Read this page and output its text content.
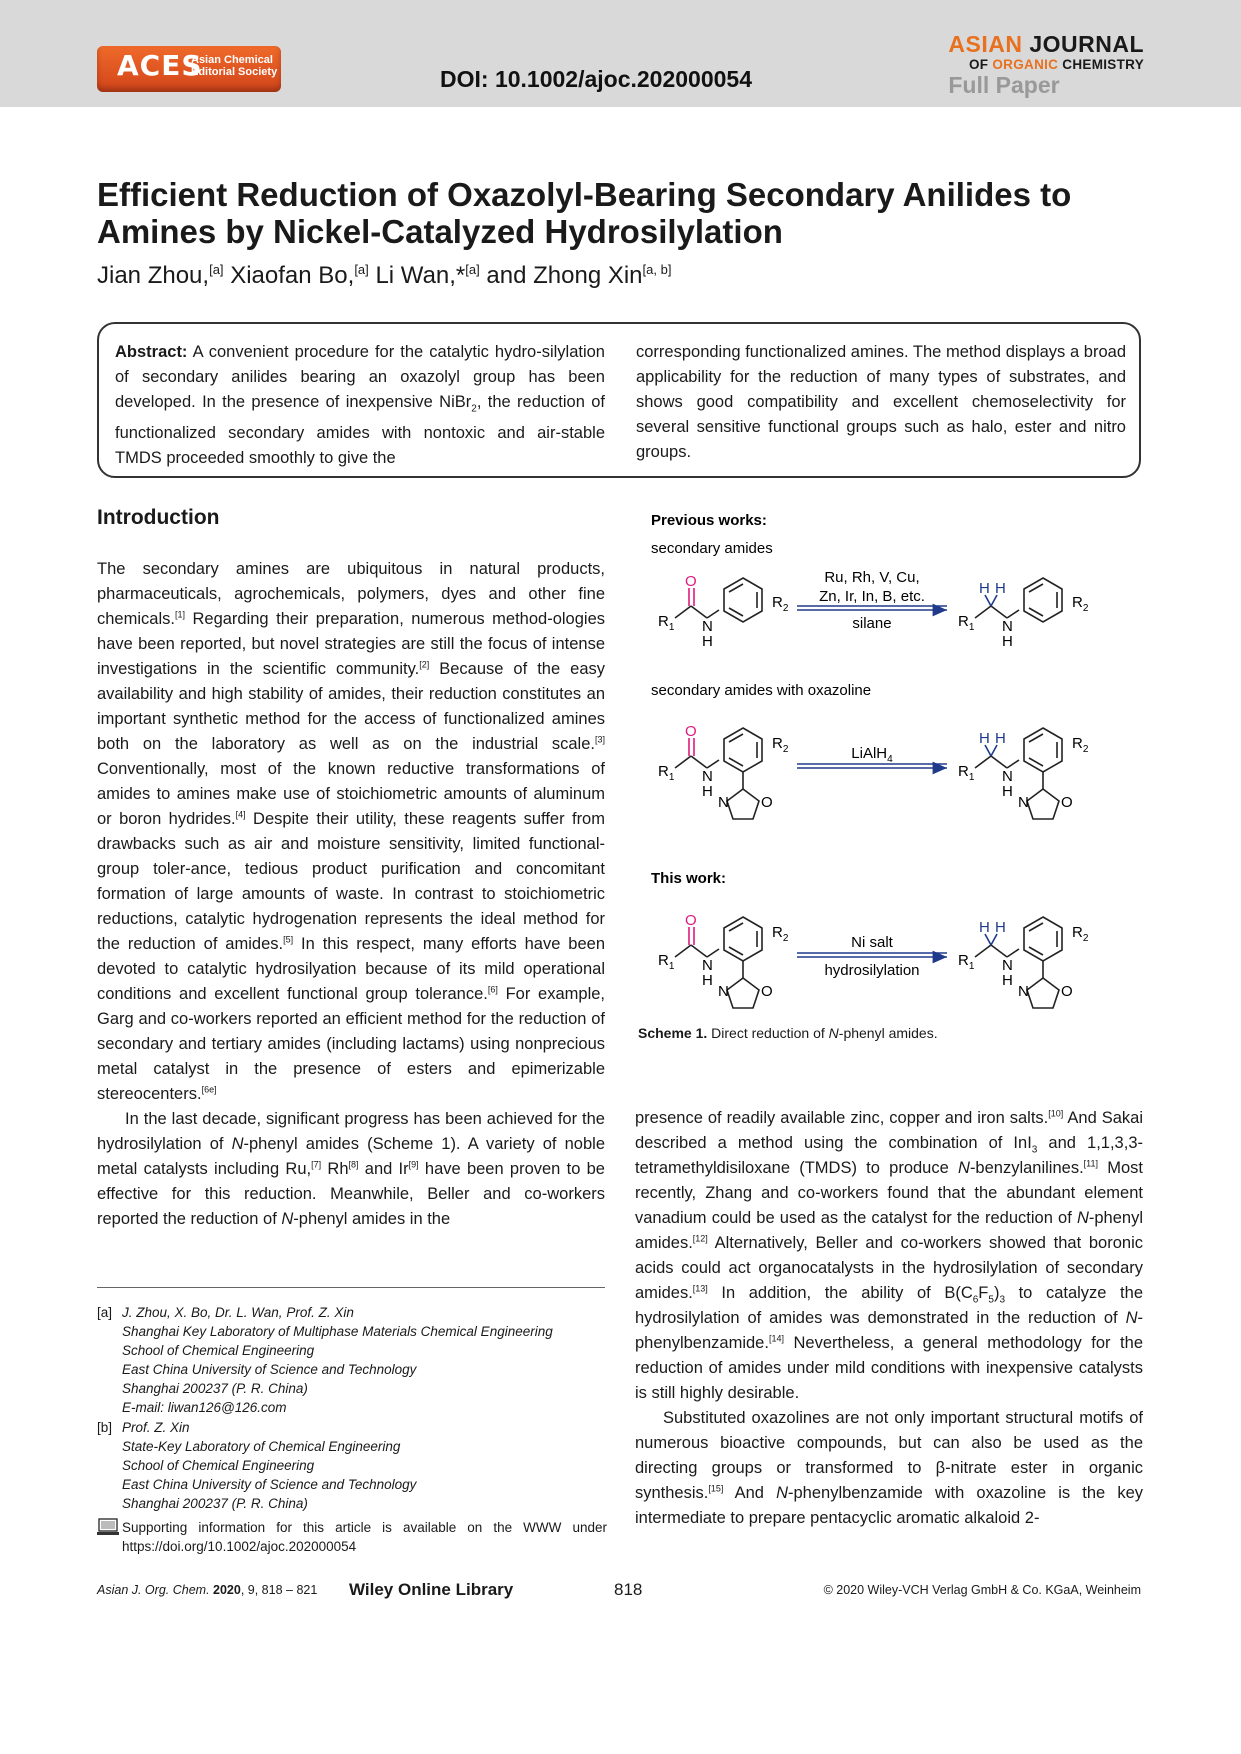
ACES
Asian Chemical Editorial Society	DOI: 10.1002/ajoc.202000054
ASIAN JOURNAL
OF ORGANIC CHEMISTRY
Full Paper
Efficient Reduction of Oxazolyl-Bearing Secondary Anilides to Amines by Nickel-Catalyzed Hydrosilylation
Jian Zhou,[a] Xiaofan Bo,[a] Li Wan,*[a] and Zhong Xin[a, b]
Abstract: A convenient procedure for the catalytic hydro-silylation of secondary anilides bearing an oxazolyl group has been developed. In the presence of inexpensive NiBr$_2$, the reduction of functionalized secondary amides with nontoxic and air-stable TMDS proceeded smoothly to give the
corresponding functionalized amines. The method displays a broad applicability for the reduction of many types of substrates, and shows good compatibility and excellent chemoselectivity for several sensitive functional groups such as halo, ester and nitro groups.
Introduction

The secondary amines are ubiquitous in natural products, pharmaceuticals, agrochemicals, polymers, dyes and other fine chemicals.[1] Regarding their preparation, numerous method-ologies have been reported, but novel strategies are still the focus of intense investigations in the scientific community.[2] Because of the easy availability and high stability of amides, their reduction constitutes an important synthetic method for the access of functionalized amines both on the laboratory as well as on the industrial scale.[3] Conventionally, most of the known reductive transformations of amides to amines make use of stoichiometric amounts of aluminum or boron hydrides.[4] Despite their utility, these reagents suffer from drawbacks such as air and moisture sensitivity, limited functional-group toler-ance, tedious product purification and concomitant formation of large amounts of waste. In contrast to stoichiometric reductions, catalytic hydrogenation represents the ideal method for the reduction of amides.[5] In this respect, many efforts have been devoted to catalytic hydrosilyation because of its mild operational conditions and excellent functional group tolerance.[6] For example, Garg and co-workers reported an efficient method for the reduction of secondary and tertiary amides (including lactams) using nonprecious metal catalyst in the presence of esters and epimerizable stereocenters.[6e]

In the last decade, significant progress has been achieved for the hydrosilylation of N-phenyl amides (Scheme 1). A variety of noble metal catalysts including Ru,[7] Rh[8] and Ir[9] have been proven to be effective for this reduction. Meanwhile, Beller and co-workers reported the reduction of N-phenyl amides in the

Previous works:
secondary amides
O
$R_1$ N
H
$R_2$
Ru, Rh, V, Cu,
Zn, Ir, In, B, etc.
silane
H H
$R_1$ N
H
$R_2$
secondary amides with oxazoline
O
$R_1$ N
H
$R_2$
N O
LiAlH$_4$
H H
$R_1$ N
H
$R_2$
N O
This work:
O
$R_1$ N
H
$R_2$
N O
Ni salt
hydrosilylation
H H
$R_1$ N
H
$R_2$
N O
Scheme 1. Direct reduction of N-phenyl amides.

presence of readily available zinc, copper and iron salts.[10] And Sakai described a method using the combination of InI$_3$ and 1,1,3,3-tetramethyldisiloxane (TMDS) to produce N-benzylanilines.[11] Most recently, Zhang and co-workers found that the abundant element vanadium could be used as the catalyst for the reduction of N-phenyl amides.[12] Alternatively, Beller and co-workers showed that boronic acids could act organocatalysts in the hydrosilylation of secondary amides.[13] In addition, the ability of $B(C_6F_5)_3$ to catalyze the hydrosilylation of amides was demonstrated in the reduction of N-phenylbenzamide.[14] Nevertheless, a general methodology for the reduction of amides under mild conditions with inexpensive catalysts is still highly desirable.

Substituted oxazolines are not only important structural motifs of numerous bioactive compounds, but can also be used as the directing groups or transformed to β-nitrate ester in organic synthesis.[15] And N-phenylbenzamide with oxazoline is the key intermediate to prepare pentacyclic aromatic alkaloid 2-

[a] J. Zhou, X. Bo, Dr. L. Wan, Prof. Z. Xin
Shanghai Key Laboratory of Multiphase Materials Chemical Engineering
School of Chemical Engineering
East China University of Science and Technology
Shanghai 200237 (P. R. China)
E-mail: liwan126@126.com
[b] Prof. Z. Xin
State-Key Laboratory of Chemical Engineering
School of Chemical Engineering
East China University of Science and Technology
Shanghai 200237 (P. R. China)
Supporting information for this article is available on the WWW under https://doi.org/10.1002/ajoc.202000054
Asian J. Org. Chem. 2020, 9, 818 – 821 Wiley Online Library	818	© 2020 Wiley-VCH Verlag GmbH & Co. KGaA, Weinheim
